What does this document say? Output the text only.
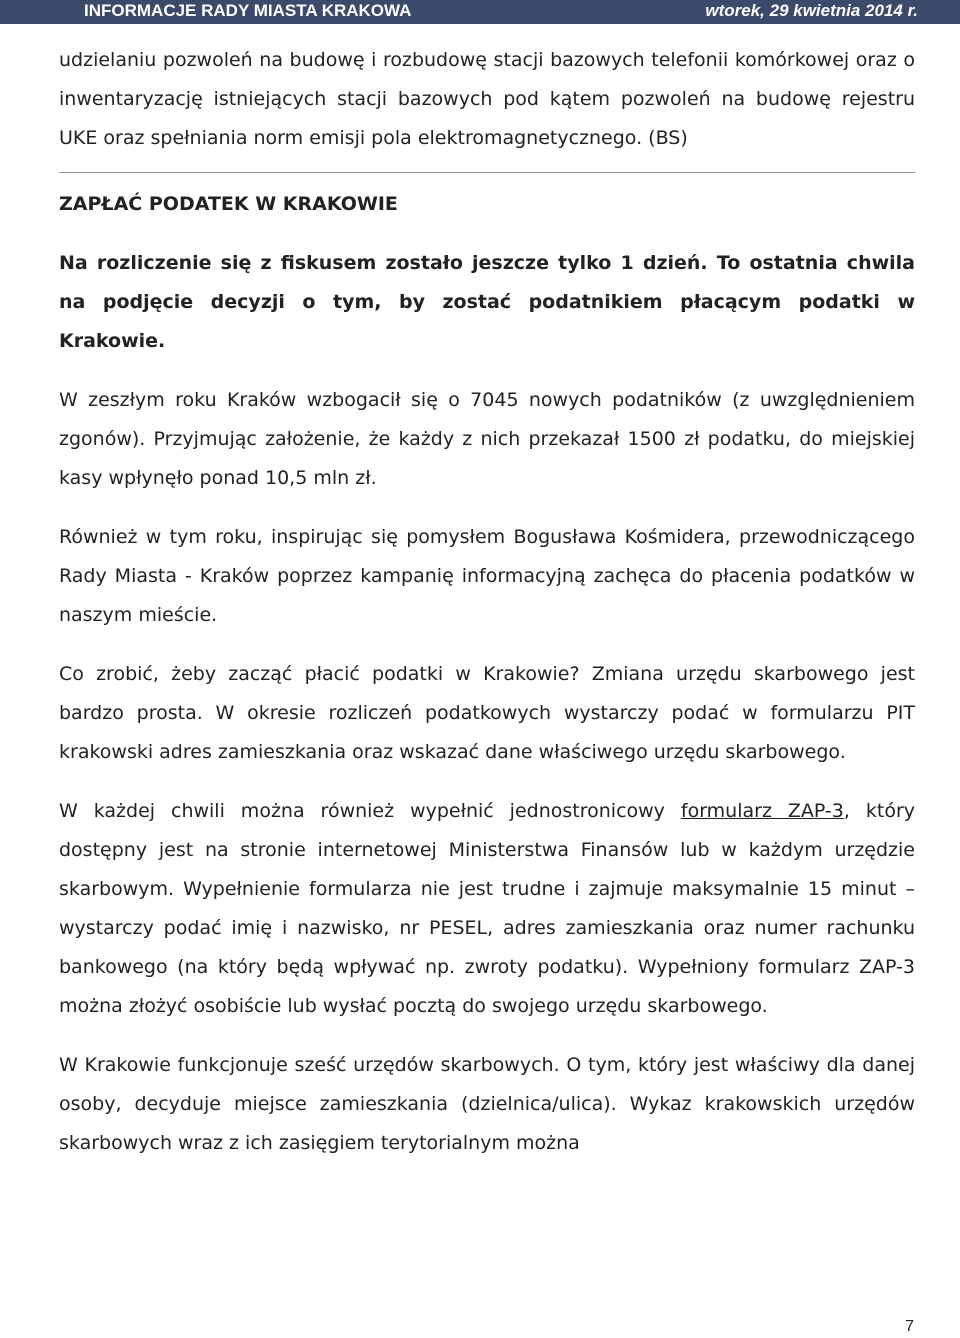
INFORMACJE RADY MIASTA KRAKOWA	wtorek, 29 kwietnia 2014 r.

udzielaniu pozwoleń na budowę i rozbudowę stacji bazowych telefonii komórkowej oraz o inwentaryzację istniejących stacji bazowych pod kątem pozwoleń na budowę rejestru UKE oraz spełniania norm emisji pola elektromagnetycznego. (BS)

ZAPŁAĆ PODATEK W KRAKOWIE

Na rozliczenie się z fiskusem zostało jeszcze tylko 1 dzień. To ostatnia chwila na podjęcie decyzji o tym, by zostać podatnikiem płacącym podatki w Krakowie.

W zeszłym roku Kraków wzbogacił się o 7045 nowych podatników (z uwzględnieniem zgonów). Przyjmując założenie, że każdy z nich przekazał 1500 zł podatku, do miejskiej kasy wpłynęło ponad 10,5 mln zł.

Również w tym roku, inspirując się pomysłem Bogusława Kośmidera, przewodniczącego Rady Miasta - Kraków poprzez kampanię informacyjną zachęca do płacenia podatków w naszym mieście.

Co zrobić, żeby zacząć płacić podatki w Krakowie? Zmiana urzędu skarbowego jest bardzo prosta. W okresie rozliczeń podatkowych wystarczy podać w formularzu PIT krakowski adres zamieszkania oraz wskazać dane właściwego urzędu skarbowego.

W każdej chwili można również wypełnić jednostronicowy formularz ZAP-3, który dostępny jest na stronie internetowej Ministerstwa Finansów lub w każdym urzędzie skarbowym. Wypełnienie formularza nie jest trudne i zajmuje maksymalnie 15 minut – wystarczy podać imię i nazwisko, nr PESEL, adres zamieszkania oraz numer rachunku bankowego (na który będą wpływać np. zwroty podatku). Wypełniony formularz ZAP-3 można złożyć osobiście lub wysłać pocztą do swojego urzędu skarbowego.

W Krakowie funkcjonuje sześć urzędów skarbowych. O tym, który jest właściwy dla danej osoby, decyduje miejsce zamieszkania (dzielnica/ulica). Wykaz krakowskich urzędów skarbowych wraz z ich zasięgiem terytorialnym można

7
